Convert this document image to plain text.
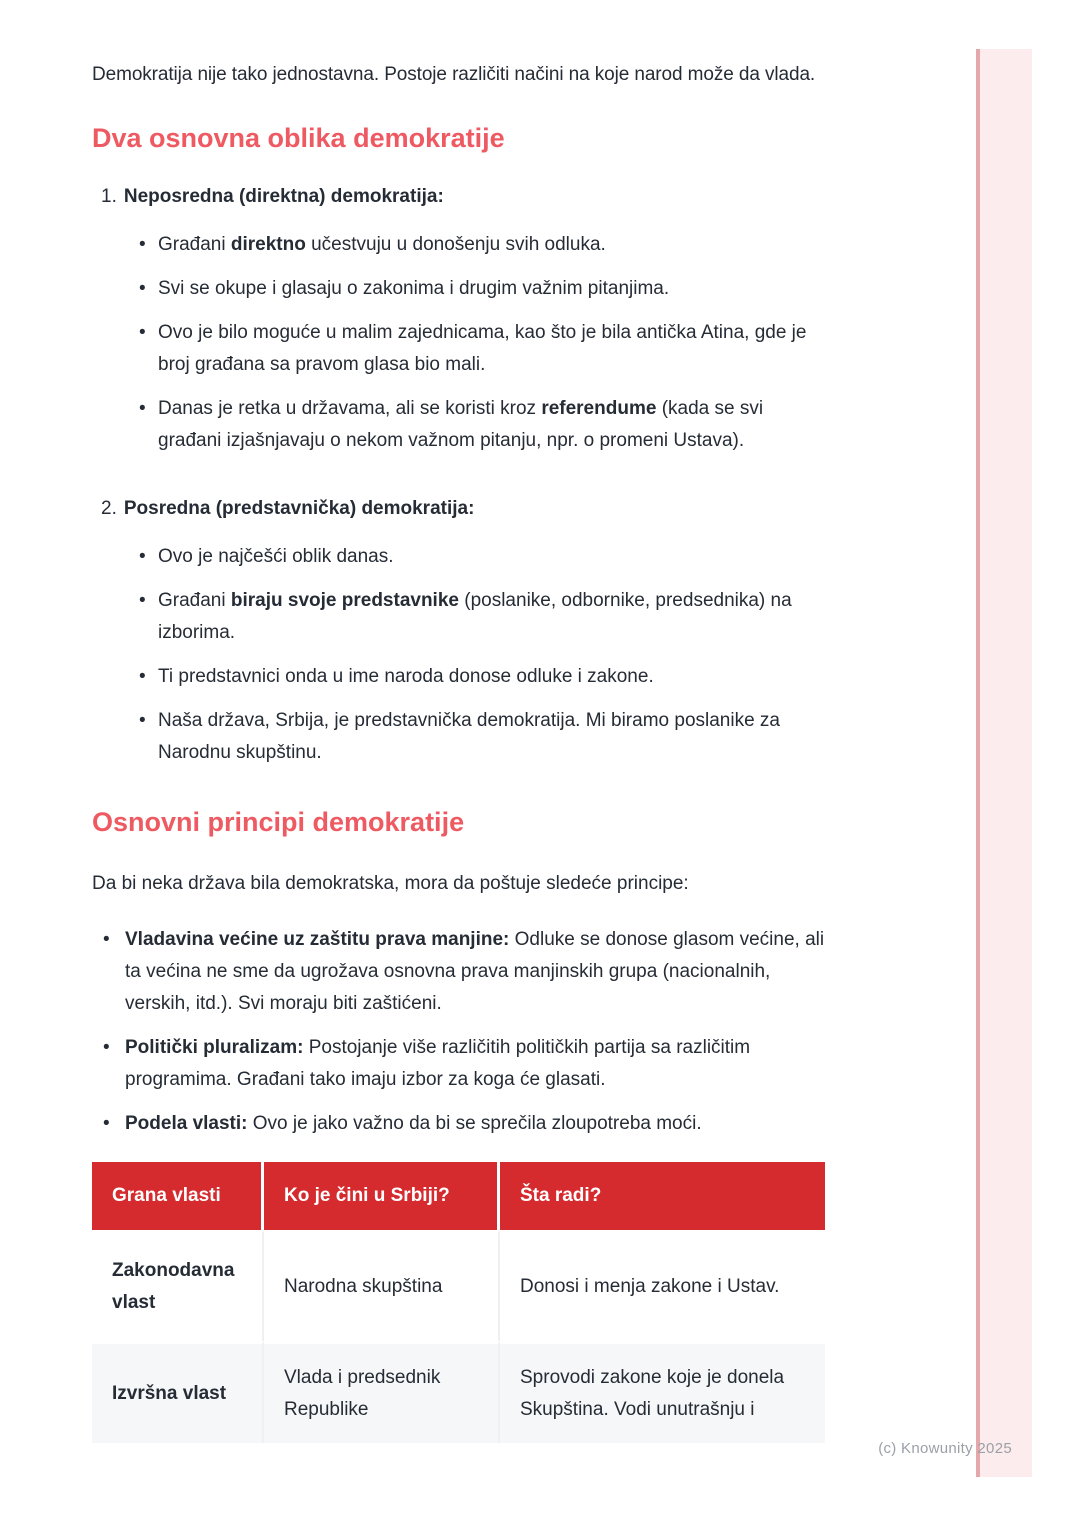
(c) Knowunity 2025

Demokratija nije tako jednostavna. Postoje različiti načini na koje narod može da vlada.

Dva osnovna oblika demokratije
1. Neposredna (direktna) demokratija:
• Građani direktno učestvuju u donošenju svih odluka.
• Svi se okupe i glasaju o zakonima i drugim važnim pitanjima.
• Ovo je bilo moguće u malim zajednicama, kao što je bila antička Atina, gde je broj građana sa pravom glasa bio mali.
• Danas je retka u državama, ali se koristi kroz referendume (kada se svi građani izjašnjavaju o nekom važnom pitanju, npr. o promeni Ustava).
2. Posredna (predstavnička) demokratija:
• Ovo je najčešći oblik danas.
• Građani biraju svoje predstavnike (poslanike, odbornike, predsednika) na izborima.
• Ti predstavnici onda u ime naroda donose odluke i zakone.
• Naša država, Srbija, je predstavnička demokratija. Mi biramo poslanike za Narodnu skupštinu.
Osnovni principi demokratije

Da bi neka država bila demokratska, mora da poštuje sledeće principe:

• Vladavina većine uz zaštitu prava manjine: Odluke se donose glasom većine, ali ta većina ne sme da ugrožava osnovna prava manjinskih grupa (nacionalnih, verskih, itd.). Svi moraju biti zaštićeni.
• Politički pluralizam: Postojanje više različitih političkih partija sa različitim programima. Građani tako imaju izbor za koga će glasati.
• Podela vlasti: Ovo je jako važno da bi se sprečila zloupotreba moći.
Grana vlasti	Ko je čini u Srbiji?	Šta radi?
Zakonodavna vlast	Narodna skupština	Donosi i menja zakone i Ustav.
Izvršna vlast	Vlada i predsednik Republike	Sprovodi zakone koje je donela Skupština. Vodi unutrašnju i
